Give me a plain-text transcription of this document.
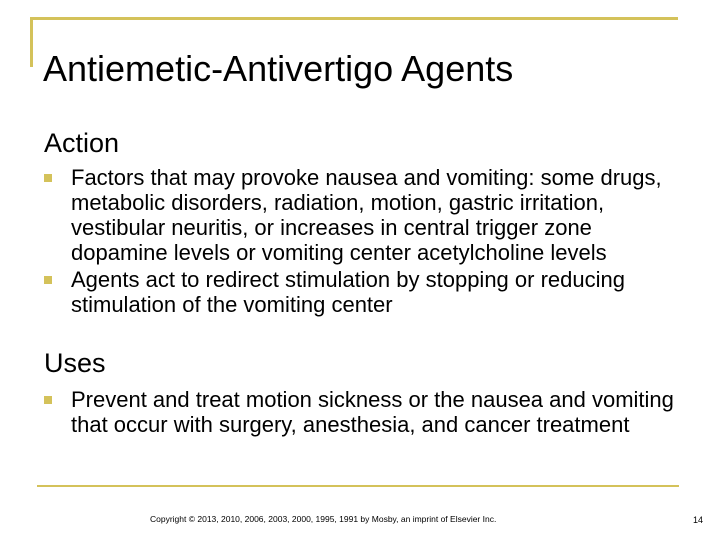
Antiemetic-Antivertigo Agents
Action
Factors that may provoke nausea and vomiting: some drugs, metabolic disorders, radiation, motion, gastric irritation, vestibular neuritis, or increases in central trigger zone dopamine levels or vomiting center acetylcholine levels
Agents act to redirect stimulation by stopping or reducing stimulation of the vomiting center
Uses
Prevent and treat motion sickness or the nausea and vomiting that occur with surgery, anesthesia, and cancer treatment
Copyright © 2013, 2010, 2006, 2003, 2000, 1995, 1991 by Mosby, an imprint of Elsevier Inc.	14
